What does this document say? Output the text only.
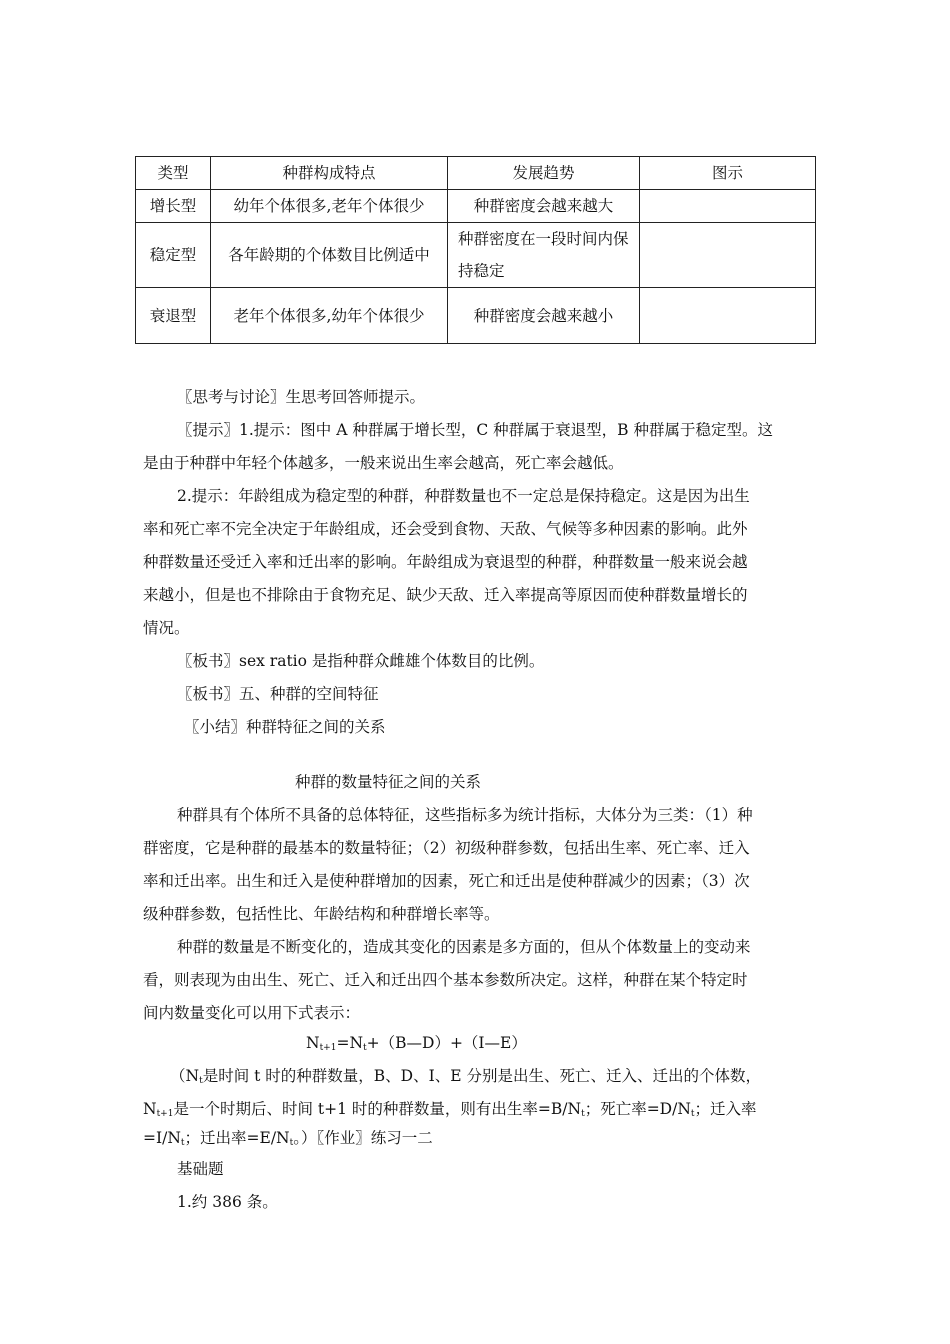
类型	种群构成特点	发展趋势	图示
增长型	幼年个体很多,老年个体很少	种群密度会越来越大	
稳定型	各年龄期的个体数目比例适中	种群密度在一段时间内保持稳定	
衰退型	老年个体很多,幼年个体很少	种群密度会越来越小	
〖思考与讨论〗生思考回答师提示。
〖提示〗1.提示：图中 A 种群属于增长型，C 种群属于衰退型，B 种群属于稳定型。这
是由于种群中年轻个体越多，一般来说出生率会越高，死亡率会越低。
2.提示：年龄组成为稳定型的种群，种群数量也不一定总是保持稳定。这是因为出生
率和死亡率不完全决定于年龄组成，还会受到食物、天敌、气候等多种因素的影响。此外
种群数量还受迁入率和迁出率的影响。年龄组成为衰退型的种群，种群数量一般来说会越
来越小，但是也不排除由于食物充足、缺少天敌、迁入率提高等原因而使种群数量增长的
情况。
〖板书〗sex ratio 是指种群众雌雄个体数目的比例。
〖板书〗五、种群的空间特征
〖小结〗种群特征之间的关系
种群的数量特征之间的关系
种群具有个体所不具备的总体特征，这些指标多为统计指标，大体分为三类：（1）种
群密度，它是种群的最基本的数量特征；（2）初级种群参数，包括出生率、死亡率、迁入
率和迁出率。出生和迁入是使种群增加的因素，死亡和迁出是使种群减少的因素；（3）次
级种群参数，包括性比、年龄结构和种群增长率等。
种群的数量是不断变化的，造成其变化的因素是多方面的，但从个体数量上的变动来
看，则表现为由出生、死亡、迁入和迁出四个基本参数所决定。这样，种群在某个特定时
间内数量变化可以用下式表示：
$N_{t+1}=N_t+(B—D)+(I—E)$
（$N_t$是时间 t 时的种群数量，B、D、I、E 分别是出生、死亡、迁入、迁出的个体数，
$N_{t+1}$是一个时期后、时间 t+1 时的种群数量，则有出生率$=B/N_t$；死亡率$=D/N_t$；迁入率
$=I/N_t$；迁出率$=E/N_t$。）〖作业〗练习一二
基础题
1.约 386 条。
